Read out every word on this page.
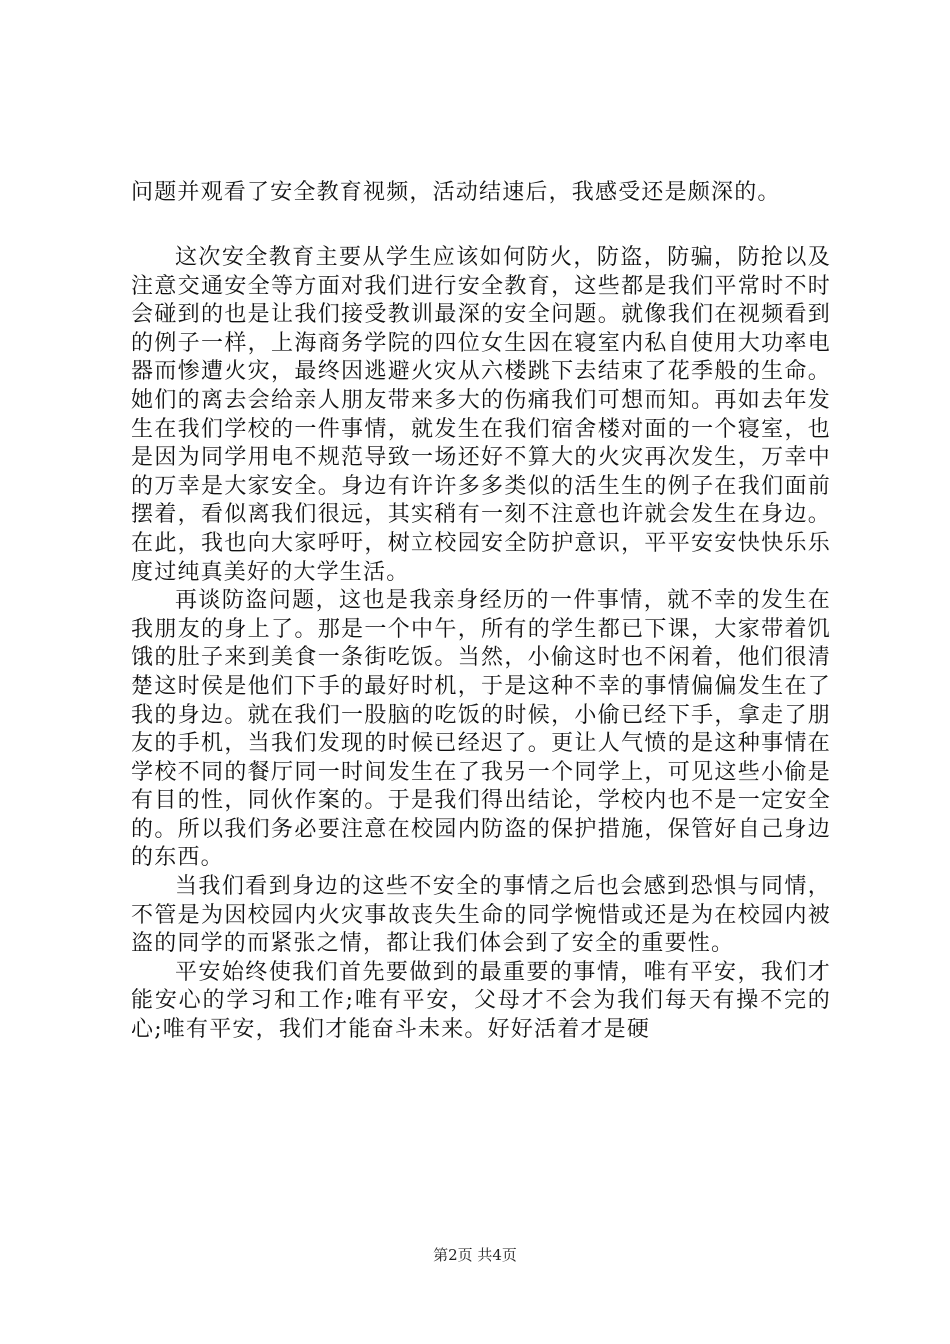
问题并观看了安全教育视频，活动结速后，我感受还是颇深的。

这次安全教育主要从学生应该如何防火，防盗，防骗，防抢以及注意交通安全等方面对我们进行安全教育，这些都是我们平常时不时会碰到的也是让我们接受教训最深的安全问题。就像我们在视频看到的例子一样，上海商务学院的四位女生因在寝室内私自使用大功率电器而惨遭火灾，最终因逃避火灾从六楼跳下去结束了花季般的生命。她们的离去会给亲人朋友带来多大的伤痛我们可想而知。再如去年发生在我们学校的一件事情，就发生在我们宿舍楼对面的一个寝室，也是因为同学用电不规范导致一场还好不算大的火灾再次发生，万幸中的万幸是大家安全。身边有许许多多类似的活生生的例子在我们面前摆着，看似离我们很远，其实稍有一刻不注意也许就会发生在身边。在此，我也向大家呼吁，树立校园安全防护意识，平平安安快快乐乐度过纯真美好的大学生活。

再谈防盗问题，这也是我亲身经历的一件事情，就不幸的发生在我朋友的身上了。那是一个中午，所有的学生都已下课，大家带着饥饿的肚子来到美食一条街吃饭。当然，小偷这时也不闲着，他们很清楚这时侯是他们下手的最好时机，于是这种不幸的事情偏偏发生在了我的身边。就在我们一股脑的吃饭的时候，小偷已经下手，拿走了朋友的手机，当我们发现的时候已经迟了。更让人气愤的是这种事情在学校不同的餐厅同一时间发生在了我另一个同学上，可见这些小偷是有目的性，同伙作案的。于是我们得出结论，学校内也不是一定安全的。所以我们务必要注意在校园内防盗的保护措施，保管好自己身边的东西。

当我们看到身边的这些不安全的事情之后也会感到恐惧与同情，不管是为因校园内火灾事故丧失生命的同学惋惜或还是为在校园内被盗的同学的而紧张之情，都让我们体会到了安全的重要性。

平安始终使我们首先要做到的最重要的事情，唯有平安，我们才能安心的学习和工作;唯有平安，父母才不会为我们每天有操不完的心;唯有平安，我们才能奋斗未来。好好活着才是硬

第2页 共4页
